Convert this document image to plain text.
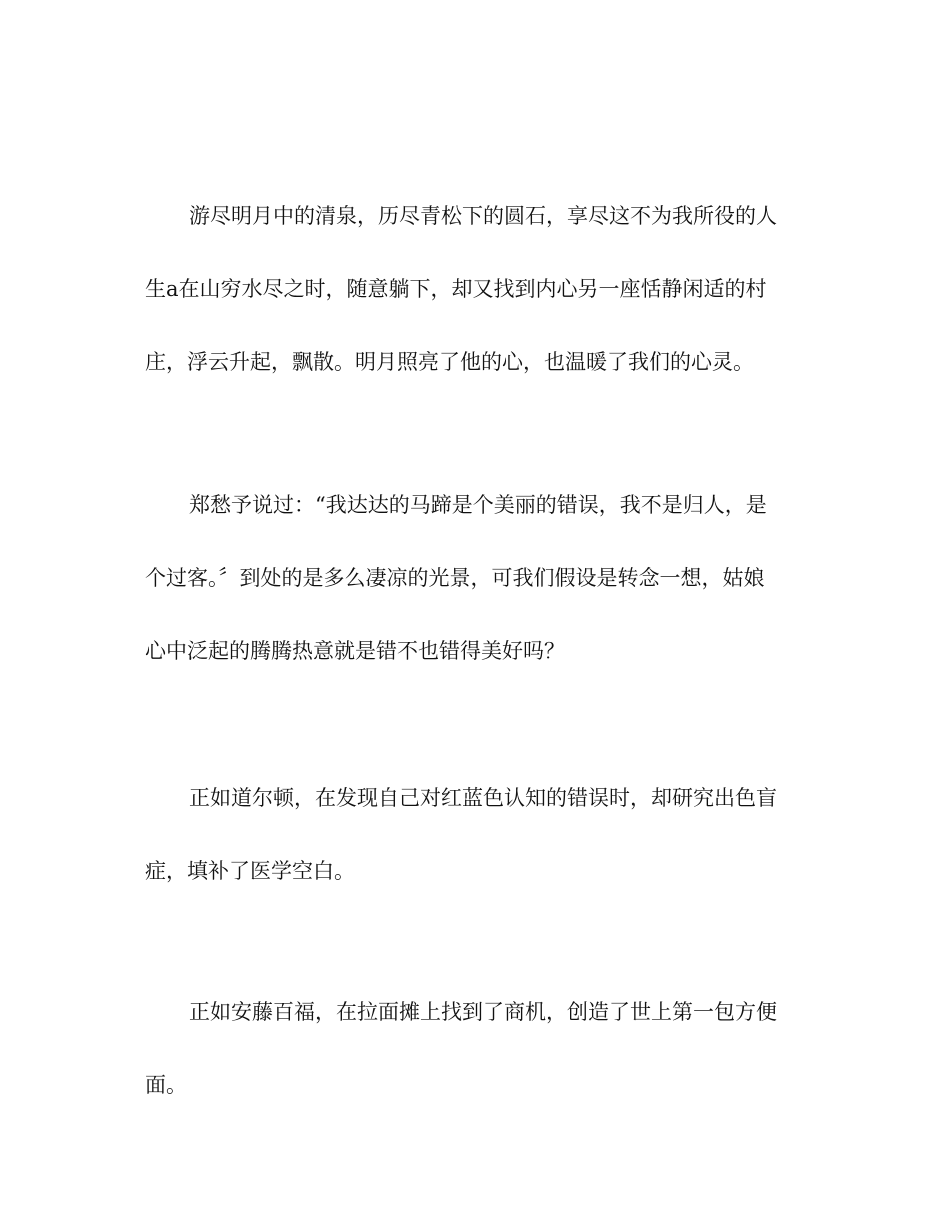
游尽明月中的清泉，历尽青松下的圆石，享尽这不为我所役的人
生a在山穷水尽之时，随意躺下，却又找到内心另一座恬静闲适的村
庄，浮云升起，飘散。明月照亮了他的心，也温暖了我们的心灵。
郑愁予说过：“我达达的马蹄是个美丽的错误，我不是归人，是
个过客。〞到处的是多么凄凉的光景，可我们假设是转念一想，姑娘
心中泛起的腾腾热意就是错不也错得美好吗？
正如道尔顿，在发现自己对红蓝色认知的错误时，却研究出色盲
症，填补了医学空白。
正如安藤百福，在拉面摊上找到了商机，创造了世上第一包方便
面。
